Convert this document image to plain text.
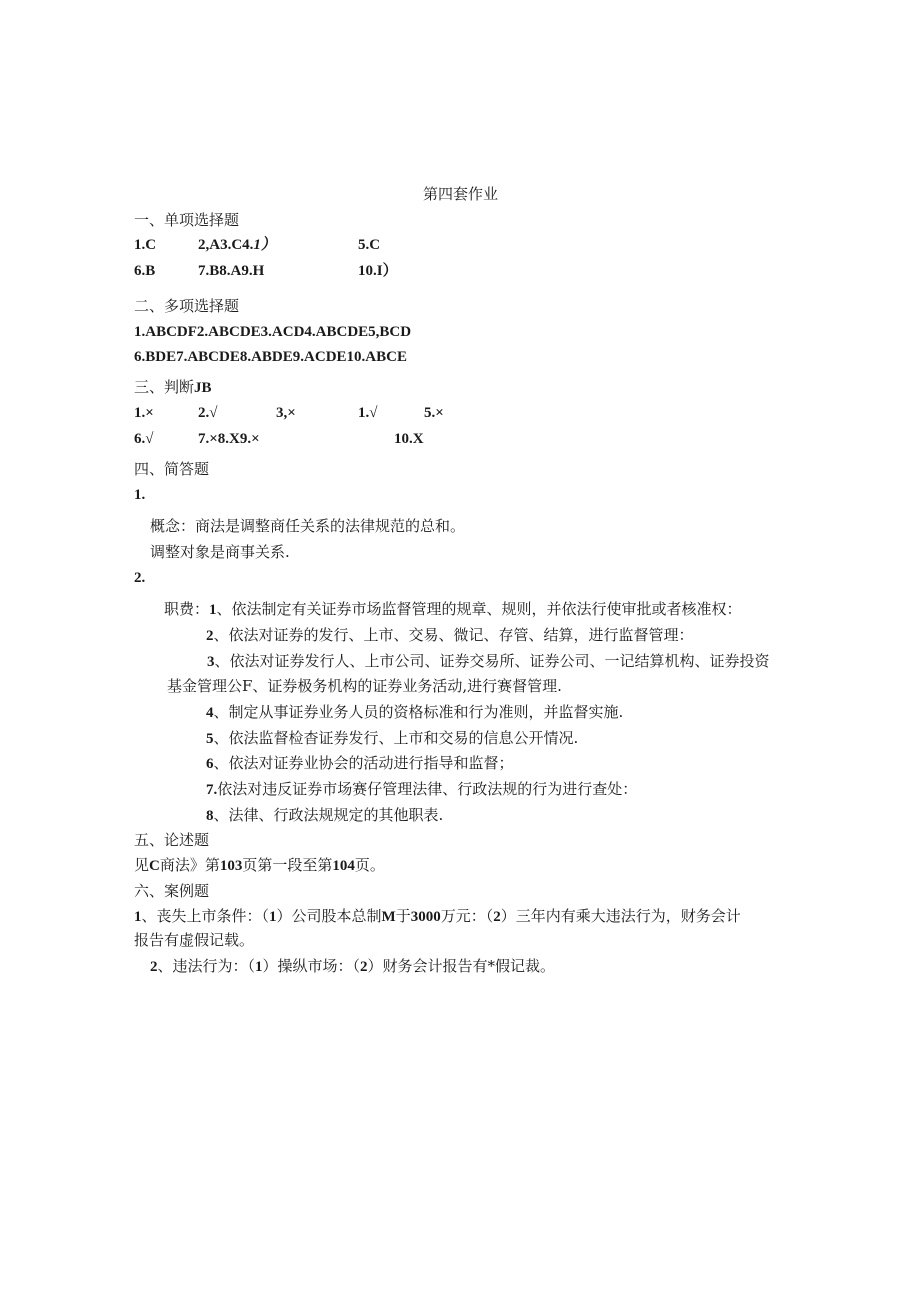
第四套作业
一、单项选择题
1.C	2,A3.C4.1）	5.C
6.B	7.B8.A9.H	10.I）
二、多项选择题
1.ABCDF2.ABCDE3.ACD4.ABCDE5,BCD
6.BDE7.ABCDE8.ABDE9.ACDE10.ABCE
三、判断JB
1.×	2.√	3,×	1.√	5.×
6.√	7.×8.X9.×	10.X
四、简答题
1.
概念：商法是调整商任关系的法律规范的总和。
调整对象是商事关系.
2.
职费：1、依法制定有关证券市场监督管理的规章、规则，并依法行使审批或者核准权：
2、依法对证券的发行、上市、交易、微记、存管、结算，进行监督管理：
3、依法对证券发行人、上市公司、证券交易所、证券公司、一记结算机构、证券投资
基金管理公F、证券极务机构的证券业务活动,进行赛督管理.
4、制定从事证券业务人员的资格标准和行为准则，并监督实施.
5、依法监督检杳证券发行、上市和交易的信息公开情况.
6、依法对证券业协会的活动进行指导和监督；
7.依法对违反证券市场赛仔管理法律、行政法规的行为进行查处：
8、法律、行政法规规定的其他职表.
五、论述题
见C商法》第103页第一段至第104页。
六、案例题
1、丧失上市条件：（1）公司股本总制M于3000万元：（2）三年内有乘大违法行为，财务会计
报告有虚假记载。
2、违法行为：（1）操纵市场：（2）财务会计报告有*假记裁。
